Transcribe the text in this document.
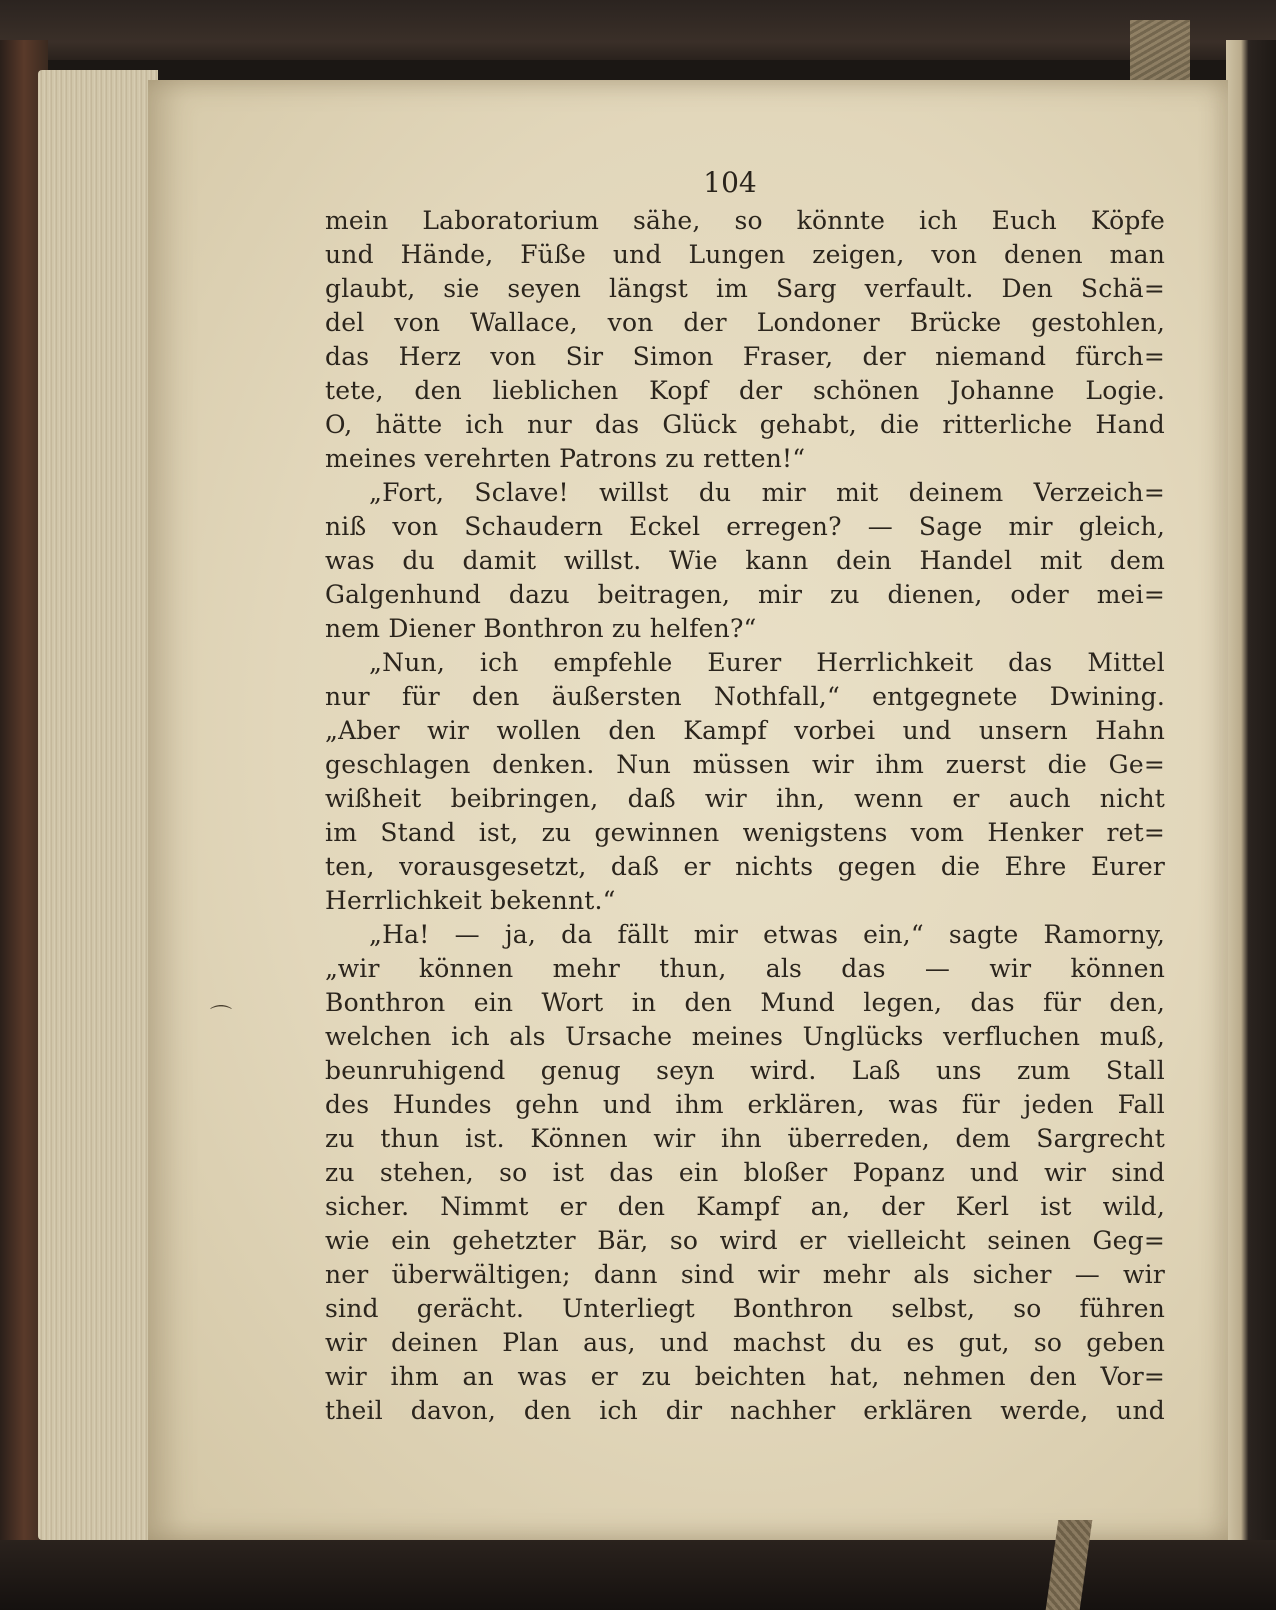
104
mein Laboratorium sähe, so könnte ich Euch Köpfe
und Hände, Füße und Lungen zeigen, von denen man
glaubt, sie seyen längst im Sarg verfault. Den Schä=
del von Wallace, von der Londoner Brücke gestohlen,
das Herz von Sir Simon Fraser, der niemand fürch=
tete, den lieblichen Kopf der schönen Johanne Logie.
O, hätte ich nur das Glück gehabt, die ritterliche Hand
meines verehrten Patrons zu retten!“
„Fort, Sclave! willst du mir mit deinem Verzeich=
niß von Schaudern Eckel erregen? — Sage mir gleich,
was du damit willst. Wie kann dein Handel mit dem
Galgenhund dazu beitragen, mir zu dienen, oder mei=
nem Diener Bonthron zu helfen?“
„Nun, ich empfehle Eurer Herrlichkeit das Mittel
nur für den äußersten Nothfall,“ entgegnete Dwining.
„Aber wir wollen den Kampf vorbei und unsern Hahn
geschlagen denken. Nun müssen wir ihm zuerst die Ge=
wißheit beibringen, daß wir ihn, wenn er auch nicht
im Stand ist, zu gewinnen wenigstens vom Henker ret=
ten, vorausgesetzt, daß er nichts gegen die Ehre Eurer
Herrlichkeit bekennt.“
„Ha! — ja, da fällt mir etwas ein,“ sagte Ramorny,
„wir können mehr thun, als das — wir können
Bonthron ein Wort in den Mund legen, das für den,
welchen ich als Ursache meines Unglücks verfluchen muß,
beunruhigend genug seyn wird. Laß uns zum Stall
des Hundes gehn und ihm erklären, was für jeden Fall
zu thun ist. Können wir ihn überreden, dem Sargrecht
zu stehen, so ist das ein bloßer Popanz und wir sind
sicher. Nimmt er den Kampf an, der Kerl ist wild,
wie ein gehetzter Bär, so wird er vielleicht seinen Geg=
ner überwältigen; dann sind wir mehr als sicher — wir
sind gerächt. Unterliegt Bonthron selbst, so führen
wir deinen Plan aus, und machst du es gut, so geben
wir ihm an was er zu beichten hat, nehmen den Vor=
theil davon, den ich dir nachher erklären werde, und
⌒
